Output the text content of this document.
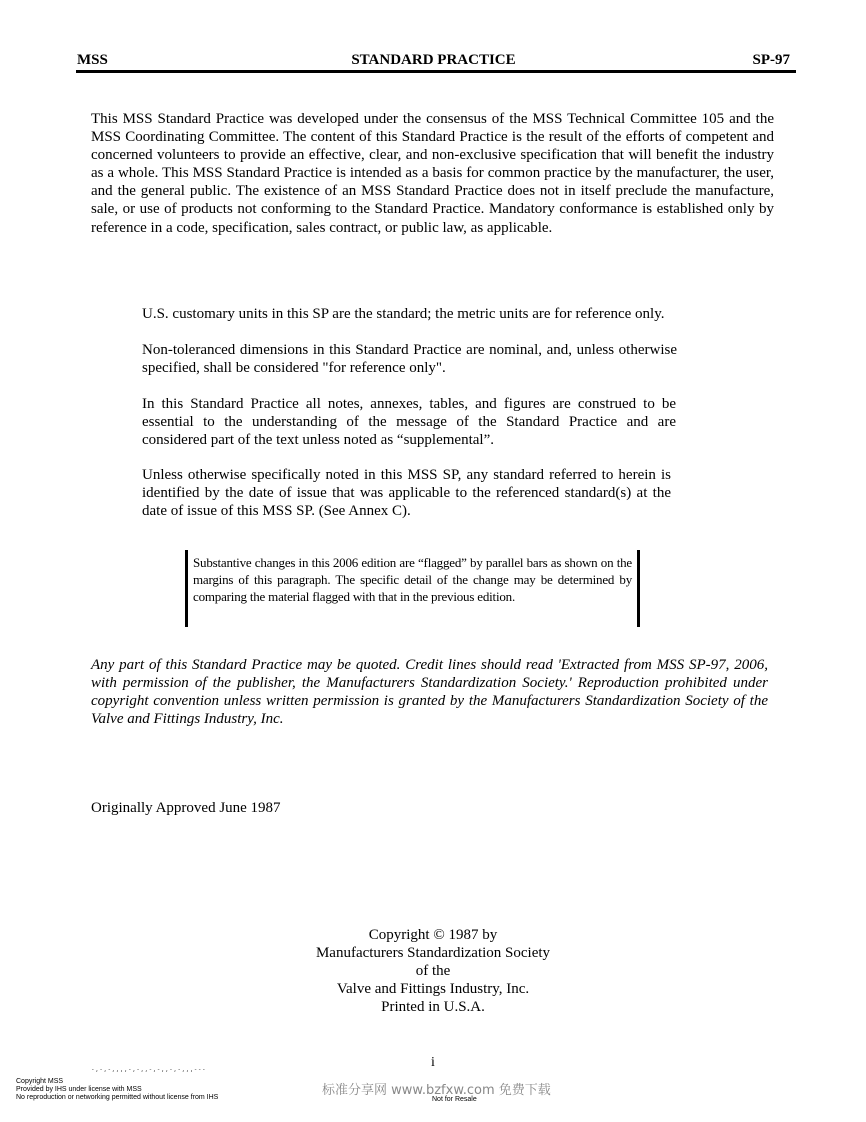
MSS	STANDARD PRACTICE	SP-97

This MSS Standard Practice was developed under the consensus of the MSS Technical Committee 105 and the MSS Coordinating Committee. The content of this Standard Practice is the result of the efforts of competent and concerned volunteers to provide an effective, clear, and non-exclusive specification that will benefit the industry as a whole. This MSS Standard Practice is intended as a basis for common practice by the manufacturer, the user, and the general public. The existence of an MSS Standard Practice does not in itself preclude the manufacture, sale, or use of products not conforming to the Standard Practice. Mandatory conformance is established only by reference in a code, specification, sales contract, or public law, as applicable.

U.S. customary units in this SP are the standard; the metric units are for reference only.

Non-toleranced dimensions in this Standard Practice are nominal, and, unless otherwise specified, shall be considered "for reference only".

In this Standard Practice all notes, annexes, tables, and figures are construed to be essential to the understanding of the message of the Standard Practice and are considered part of the text unless noted as “supplemental”.

Unless otherwise specifically noted in this MSS SP, any standard referred to herein is identified by the date of issue that was applicable to the referenced standard(s) at the date of issue of this MSS SP. (See Annex C).

Substantive changes in this 2006 edition are “flagged” by parallel bars as shown on the margins of this paragraph. The specific detail of the change may be determined by comparing the material flagged with that in the previous edition.

Any part of this Standard Practice may be quoted. Credit lines should read 'Extracted from MSS SP-97, 2006, with permission of the publisher, the Manufacturers Standardization Society.' Reproduction prohibited under copyright convention unless written permission is granted by the Manufacturers Standardization Society of the Valve and Fittings Industry, Inc.

Originally Approved June 1987

Copyright © 1987 by
Manufacturers Standardization Society
of the
Valve and Fittings Industry, Inc.
Printed in U.S.A.
i
-,-,-,,,,-,-,,-,-,,-,-,,,---
Copyright MSS
Provided by IHS under license with MSS
No reproduction or networking permitted without license from IHS	标准分享网 www.bzfxw.com 免费下载
Not for Resale
